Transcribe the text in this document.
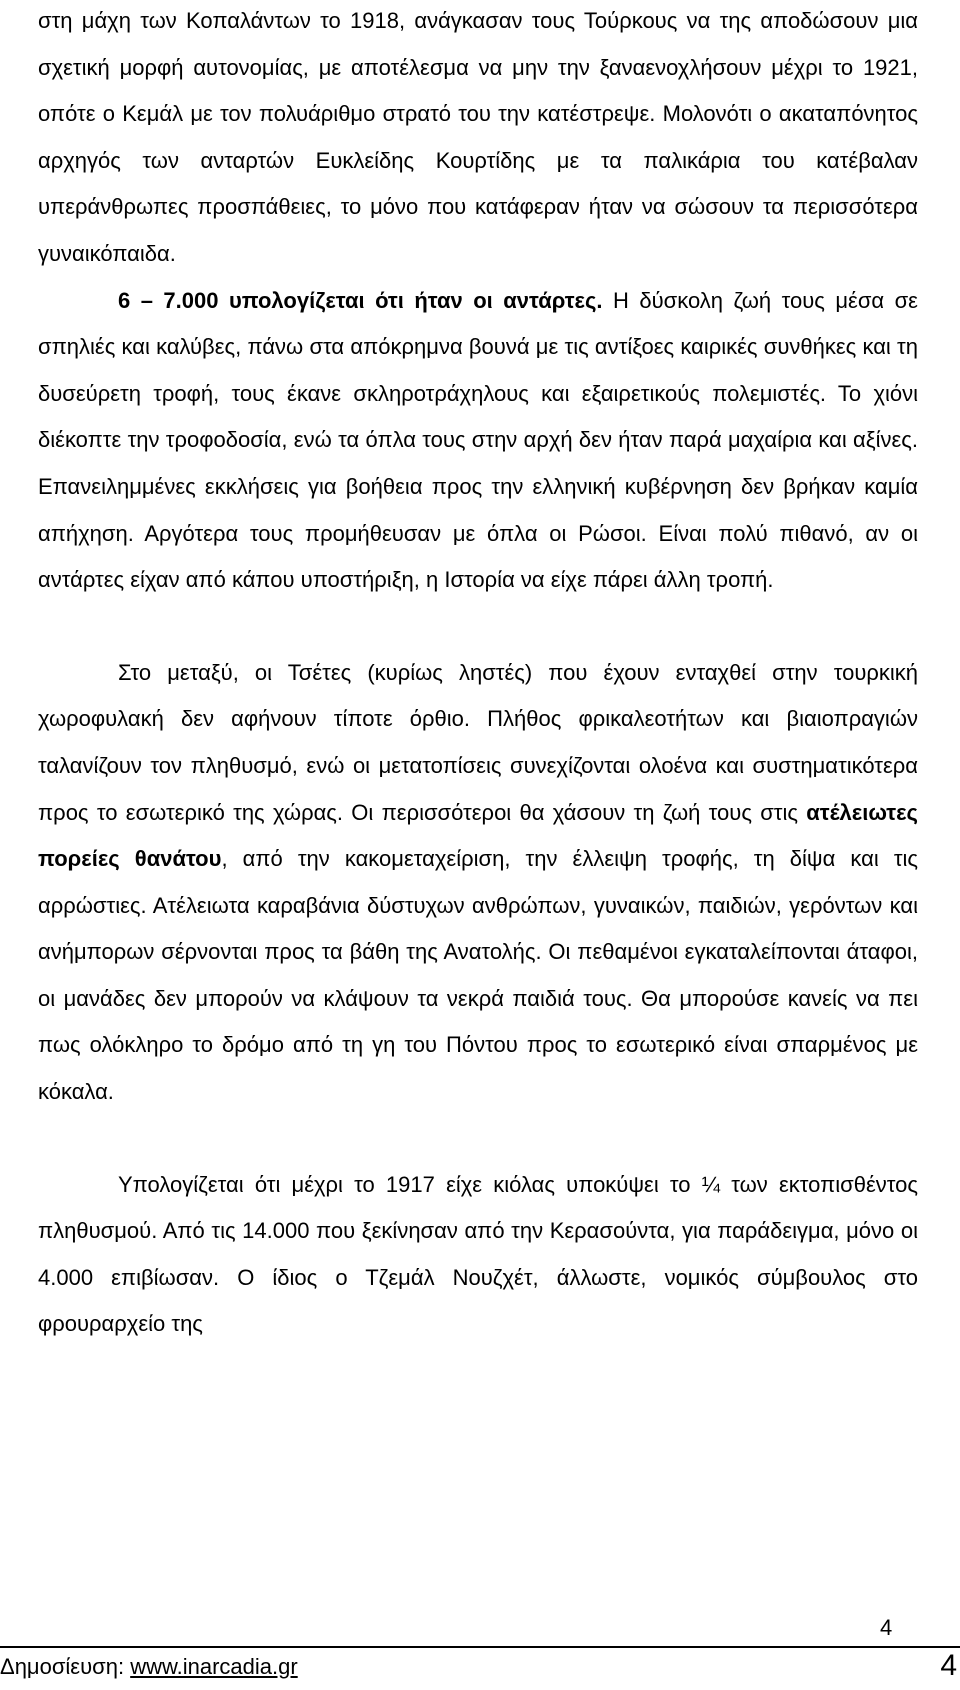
στη μάχη των Κοπαλάντων το 1918, ανάγκασαν τους Τούρκους να της αποδώσουν μια σχετική μορφή αυτονομίας, με αποτέλεσμα να μην την ξαναενοχλήσουν μέχρι το 1921, οπότε ο Κεμάλ με τον πολυάριθμο στρατό του την κατέστρεψε. Μολονότι ο ακαταπόνητος αρχηγός των ανταρτών Ευκλείδης Κουρτίδης με τα παλικάρια του κατέβαλαν υπεράνθρωπες προσπάθειες, το μόνο που κατάφεραν ήταν να σώσουν τα περισσότερα γυναικόπαιδα.

6 – 7.000 υπολογίζεται ότι ήταν οι αντάρτες. Η δύσκολη ζωή τους μέσα σε σπηλιές και καλύβες, πάνω στα απόκρημνα βουνά με τις αντίξοες καιρικές συνθήκες και τη δυσεύρετη τροφή, τους έκανε σκληροτράχηλους και εξαιρετικούς πολεμιστές. Το χιόνι διέκοπτε την τροφοδοσία, ενώ τα όπλα τους στην αρχή δεν ήταν παρά μαχαίρια και αξίνες. Επανειλημμένες εκκλήσεις για βοήθεια προς την ελληνική κυβέρνηση δεν βρήκαν καμία απήχηση. Αργότερα τους προμήθευσαν με όπλα οι Ρώσοι. Είναι πολύ πιθανό, αν οι αντάρτες είχαν από κάπου υποστήριξη, η Ιστορία να είχε πάρει άλλη τροπή.

Στο μεταξύ, οι Τσέτες (κυρίως ληστές) που έχουν ενταχθεί στην τουρκική χωροφυλακή δεν αφήνουν τίποτε όρθιο. Πλήθος φρικαλεοτήτων και βιαιοπραγιών ταλανίζουν τον πληθυσμό, ενώ οι μετατοπίσεις συνεχίζονται ολοένα και συστηματικότερα προς το εσωτερικό της χώρας. Οι περισσότεροι θα χάσουν τη ζωή τους στις ατέλειωτες πορείες θανάτου, από την κακομεταχείριση, την έλλειψη τροφής, τη δίψα και τις αρρώστιες. Ατέλειωτα καραβάνια δύστυχων ανθρώπων, γυναικών, παιδιών, γερόντων και ανήμπορων σέρνονται προς τα βάθη της Ανατολής. Οι πεθαμένοι εγκαταλείπονται άταφοι, οι μανάδες δεν μπορούν να κλάψουν τα νεκρά παιδιά τους. Θα μπορούσε κανείς να πει πως ολόκληρο το δρόμο από τη γη του Πόντου προς το εσωτερικό είναι σπαρμένος με κόκαλα.

Υπολογίζεται ότι μέχρι το 1917 είχε κιόλας υποκύψει το ¼ των εκτοπισθέντος πληθυσμού. Από τις 14.000 που ξεκίνησαν από την Κερασούντα, για παράδειγμα, μόνο οι 4.000 επιβίωσαν. Ο ίδιος ο Τζεμάλ Νουζχέτ, άλλωστε, νομικός σύμβουλος στο φρουραρχείο της

4
Δημοσίευση: www.inarcadia.gr	4
